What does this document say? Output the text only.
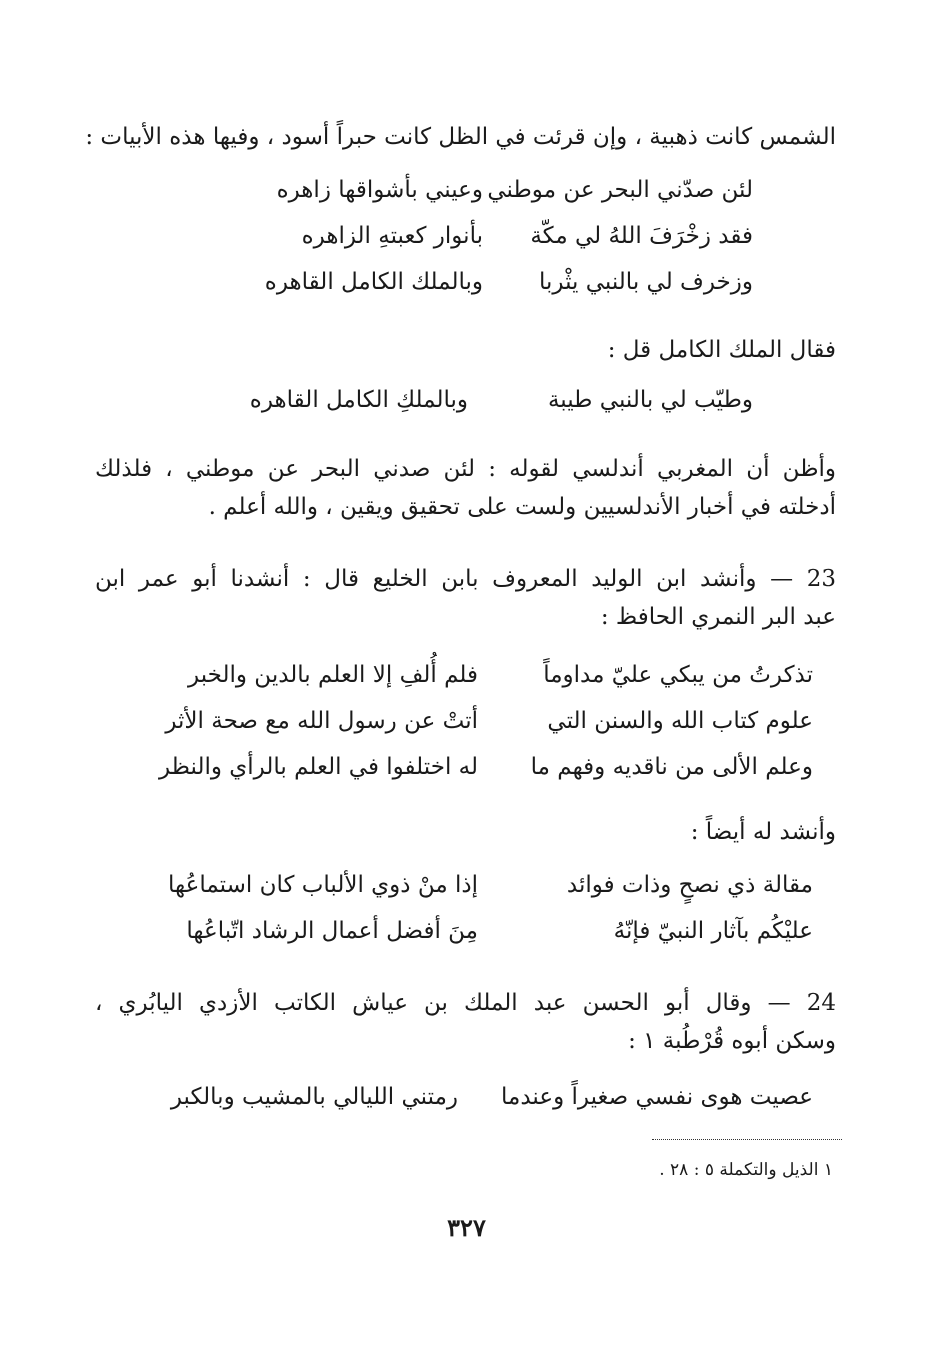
الشمس كانت ذهبية ، وإن قرئت في الظل كانت حبراً أسود ، وفيها هذه الأبيات :
لئن صدّني البحر عن موطني
وعيني بأشواقها زاهره
فقد زخْرَفَ اللهُ لي مكّة
بأنوار كعبتهِ الزاهره
وزخرف لي بالنبي يثْربا
وبالملك الكامل القاهره
فقال الملك الكامل قل :
وطيّب لي بالنبي طيبة
وبالملكِ الكامل القاهره
وأظن أن المغربي أندلسي لقوله : لئن صدني البحر عن موطني ، فلذلك
أدخلته في أخبار الأندلسيين ولست على تحقيق ويقين ، والله أعلم .
23 — وأنشد ابن الوليد المعروف بابن الخليع قال : أنشدنا أبو عمر ابن
عبد البر النمري الحافظ :
تذكرتُ من يبكي عليّ مداوماً
فلم أُلفِ إلا العلم بالدين والخبر
علوم كتاب الله والسنن التي
أتتْ عن رسول الله مع صحة الأثر
وعلم الألى من ناقديه وفهم ما
له اختلفوا في العلم بالرأي والنظر
وأنشد له أيضاً :
مقالة ذي نصحٍ وذات فوائد
إذا منْ ذوي الألباب كان استماعُها
عليْكُم بآثار النبيّ فإنّهُ
مِنَ أفضل أعمال الرشاد اتّباعُها
24 — وقال أبو الحسن عبد الملك بن عياش الكاتب الأزدي اليابُري ،
وسكن أبوه قُرْطُبة ١ :
عصيت هوى نفسي صغيراً وعندما
رمتني الليالي بالمشيب وبالكبر
١ الذيل والتكملة ٥ : ٢٨ .
٣٢٧
